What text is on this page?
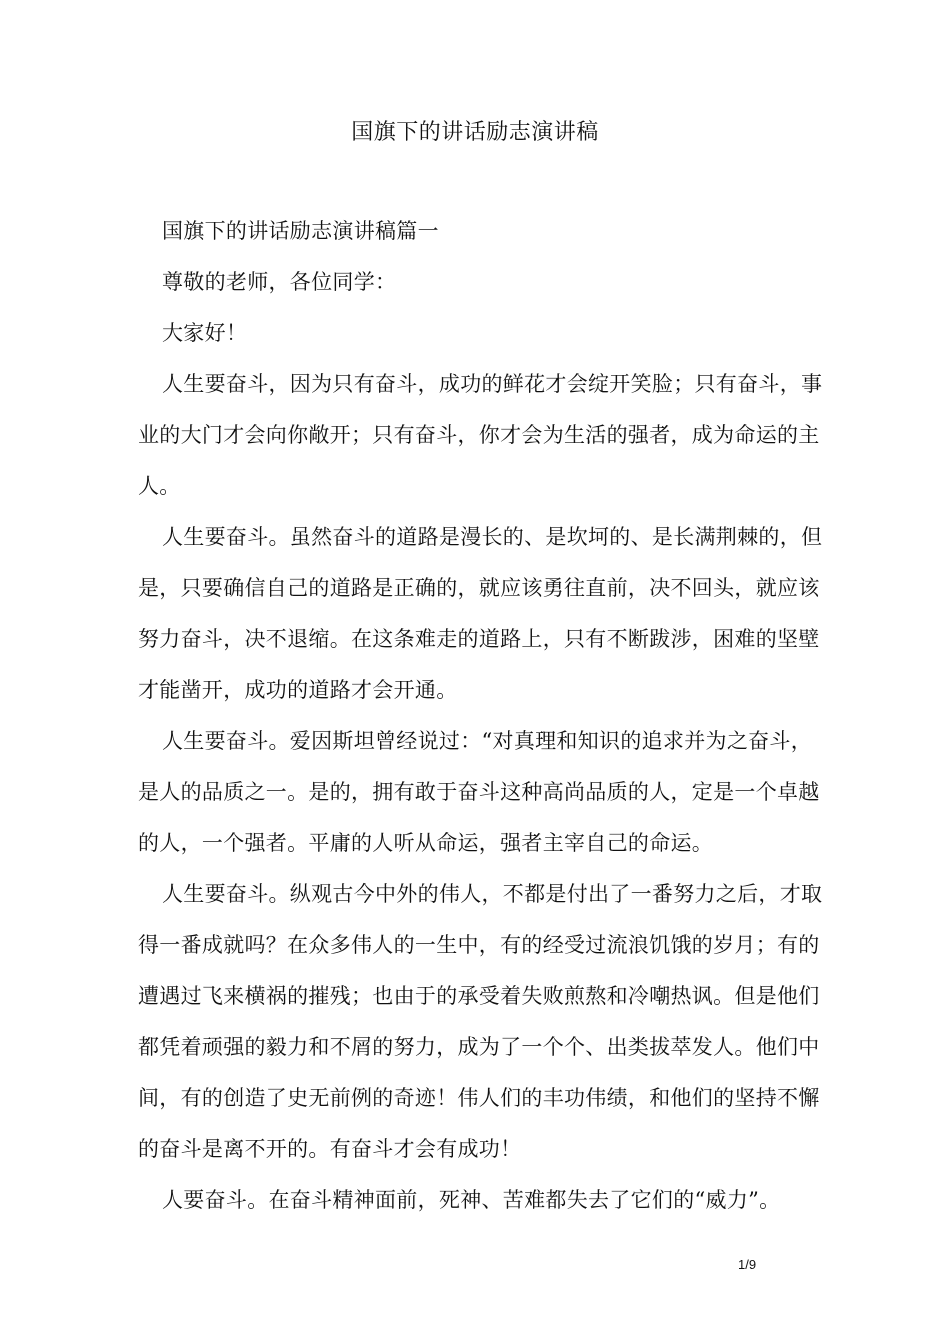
国旗下的讲话励志演讲稿

国旗下的讲话励志演讲稿篇一

尊敬的老师，各位同学：

大家好！

人生要奋斗，因为只有奋斗，成功的鲜花才会绽开笑脸；只有奋斗，事业的大门才会向你敞开；只有奋斗，你才会为生活的强者，成为命运的主人。

人生要奋斗。虽然奋斗的道路是漫长的、是坎坷的、是长满荆棘的，但是，只要确信自己的道路是正确的，就应该勇往直前，决不回头，就应该努力奋斗，决不退缩。在这条难走的道路上，只有不断跋涉，困难的坚壁才能凿开，成功的道路才会开通。

人生要奋斗。爱因斯坦曾经说过：“对真理和知识的追求并为之奋斗，是人的品质之一。是的，拥有敢于奋斗这种高尚品质的人，定是一个卓越的人，一个强者。平庸的人听从命运，强者主宰自己的命运。

人生要奋斗。纵观古今中外的伟人，不都是付出了一番努力之后，才取得一番成就吗？在众多伟人的一生中，有的经受过流浪饥饿的岁月；有的遭遇过飞来横祸的摧残；也由于的承受着失败煎熬和冷嘲热讽。但是他们都凭着顽强的毅力和不屑的努力，成为了一个个、出类拔萃发人。他们中间，有的创造了史无前例的奇迹！伟人们的丰功伟绩，和他们的坚持不懈的奋斗是离不开的。有奋斗才会有成功！

人要奋斗。在奋斗精神面前，死神、苦难都失去了它们的“威力”。

1/9
